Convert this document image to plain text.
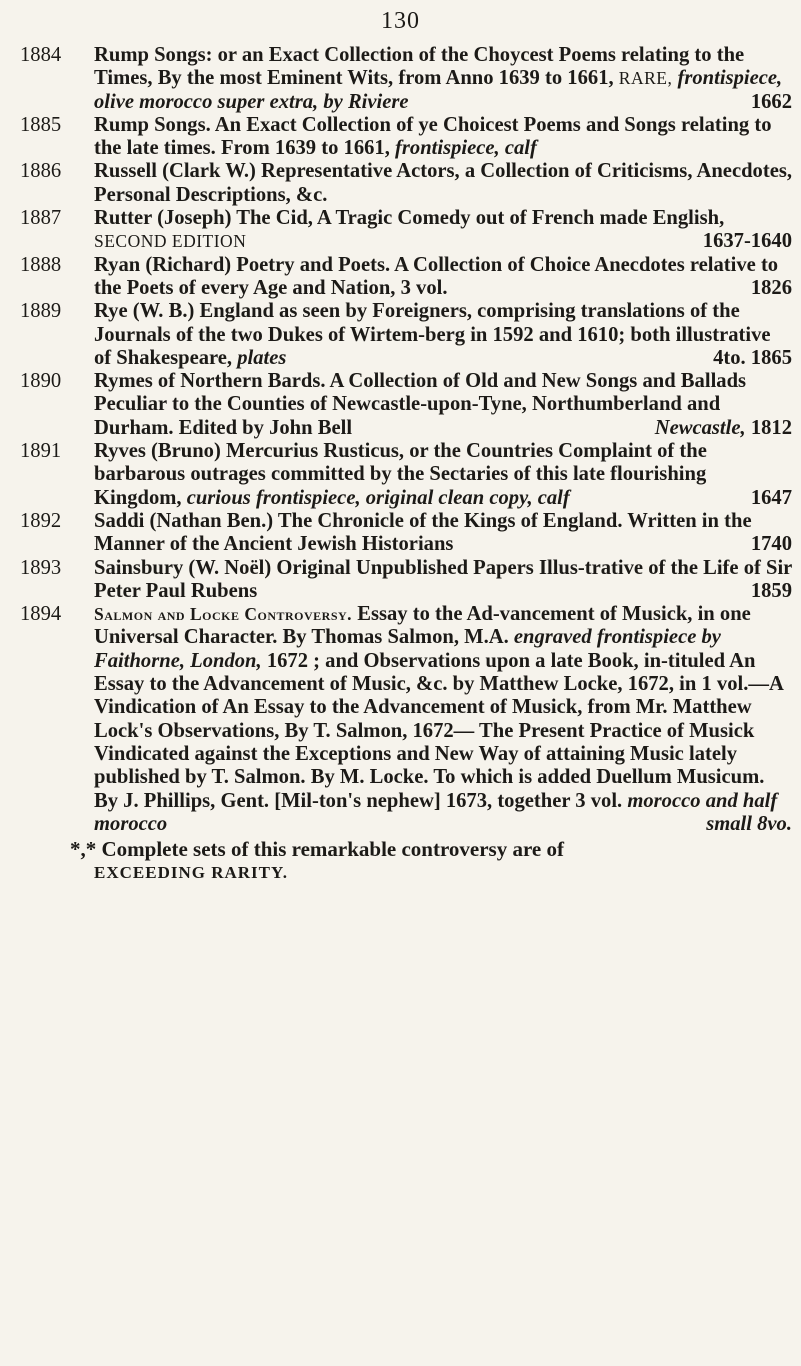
130
1884	Rump Songs: or an Exact Collection of the Choycest Poems relating to the Times, By the most Eminent Wits, from Anno 1639 to 1661, RARE, frontispiece, olive morocco super extra, by Riviere	1662
1885	Rump Songs. An Exact Collection of ye Choicest Poems and Songs relating to the late times. From 1639 to 1661, frontispiece, calf
1886	Russell (Clark W.) Representative Actors, a Collection of Criticisms, Anecdotes, Personal Descriptions, &c.
1887	Rutter (Joseph) The Cid, A Tragic Comedy out of French made English, SECOND EDITION	1637-1640
1888	Ryan (Richard) Poetry and Poets. A Collection of Choice Anecdotes relative to the Poets of every Age and Nation, 3 vol.	1826
1889	Rye (W. B.) England as seen by Foreigners, comprising translations of the Journals of the two Dukes of Wirtem-berg in 1592 and 1610; both illustrative of Shakespeare, plates	4to. 1865
1890	Rymes of Northern Bards. A Collection of Old and New Songs and Ballads Peculiar to the Counties of Newcastle-upon-Tyne, Northumberland and Durham. Edited by John Bell	Newcastle, 1812
1891	Ryves (Bruno) Mercurius Rusticus, or the Countries Complaint of the barbarous outrages committed by the Sectaries of this late flourishing Kingdom, curious frontispiece, original clean copy, calf	1647
1892	Saddi (Nathan Ben.) The Chronicle of the Kings of England. Written in the Manner of the Ancient Jewish Historians	1740
1893	Sainsbury (W. Noël) Original Unpublished Papers Illus-trative of the Life of Sir Peter Paul Rubens	1859
1894	Salmon and Locke Controversy. Essay to the Ad-vancement of Musick, in one Universal Character. By Thomas Salmon, M.A. engraved frontispiece by Faithorne, London, 1672 ; and Observations upon a late Book, in-tituled An Essay to the Advancement of Music, &c. by Matthew Locke, 1672, in 1 vol.—A Vindication of An Essay to the Advancement of Musick, from Mr. Matthew Lock's Observations, By T. Salmon, 1672— The Present Practice of Musick Vindicated against the Exceptions and New Way of attaining Music lately published by T. Salmon. By M. Locke. To which is added Duellum Musicum. By J. Phillips, Gent. [Mil-ton's nephew] 1673, together 3 vol. morocco and half morocco	small 8vo.
*,* Complete sets of this remarkable controversy are of
EXCEEDING RARITY.
